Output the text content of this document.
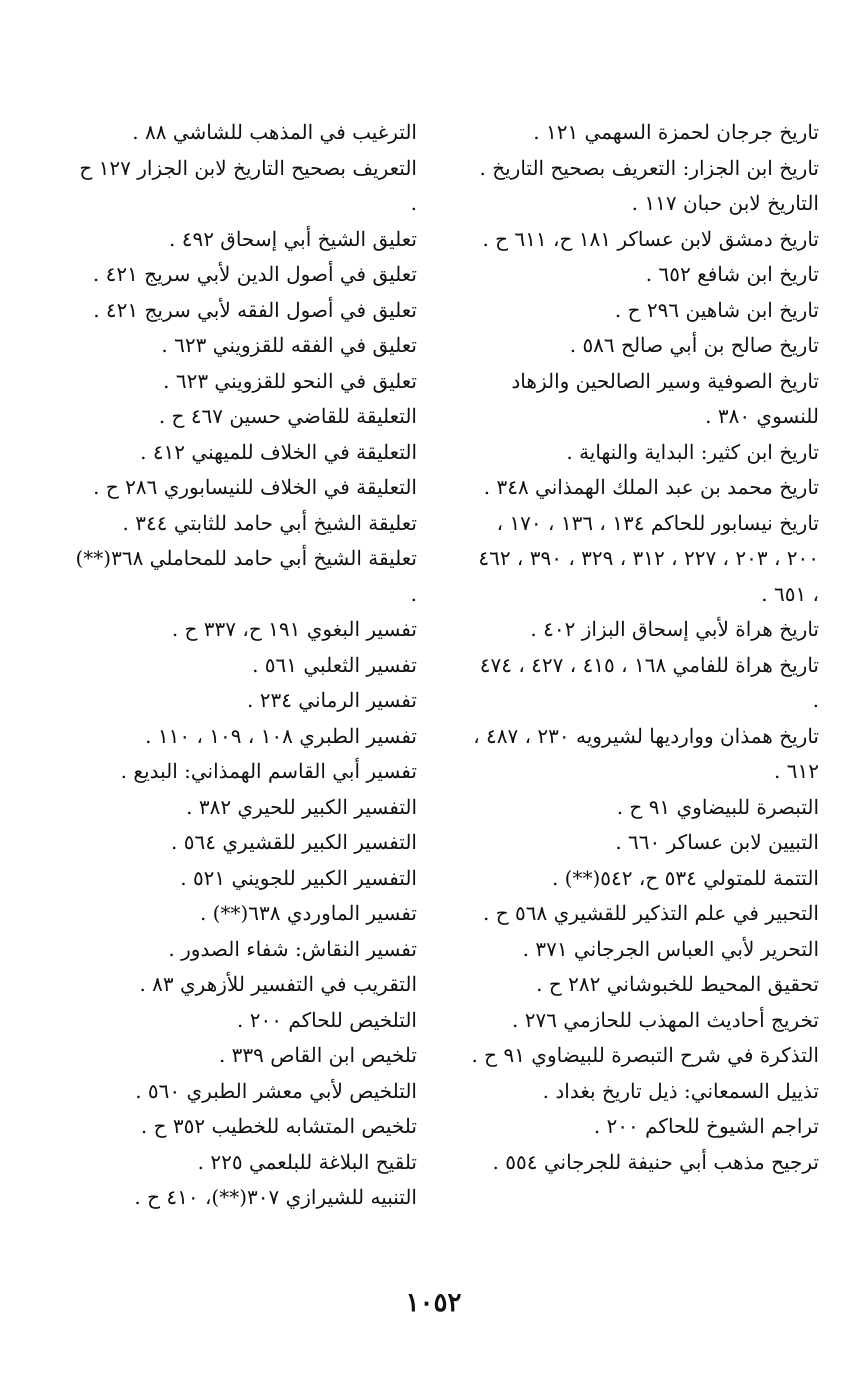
تاريخ جرجان لحمزة السهمي ١٢١ .
تاريخ ابن الجزار: التعريف بصحيح التاريخ .
التاريخ لابن حبان ١١٧ .
تاريخ دمشق لابن عساكر ١٨١ ح، ٦١١ ح .
تاريخ ابن شافع ٦٥٢ .
تاريخ ابن شاهين ٢٩٦ ح .
تاريخ صالح بن أبي صالح ٥٨٦ .
تاريخ الصوفية وسير الصالحين والزهاد للنسوي ٣٨٠ .
تاريخ ابن كثير: البداية والنهاية .
تاريخ محمد بن عبد الملك الهمذاني ٣٤٨ .
تاريخ نيسابور للحاكم ١٣٤ ، ١٣٦ ، ١٧٠ ، ٢٠٠ ، ٢٠٣ ، ٢٢٧ ، ٣١٢ ، ٣٢٩ ، ٣٩٠ ، ٤٦٢ ، ٦٥١ .
تاريخ هراة لأبي إسحاق البزاز ٤٠٢ .
تاريخ هراة للفامي ١٦٨ ، ٤١٥ ، ٤٢٧ ، ٤٧٤ .
تاريخ همذان ووارديها لشيرويه ٢٣٠ ، ٤٨٧ ، ٦١٢ .
التبصرة للبيضاوي ٩١ ح .
التبيين لابن عساكر ٦٦٠ .
التتمة للمتولي ٥٣٤ ح، ٥٤٢(**) .
التحبير في علم التذكير للقشيري ٥٦٨ ح .
التحرير لأبي العباس الجرجاني ٣٧١ .
تحقيق المحيط للخبوشاني ٢٨٢ ح .
تخريج أحاديث المهذب للحازمي ٢٧٦ .
التذكرة في شرح التبصرة للبيضاوي ٩١ ح .
تذييل السمعاني: ذيل تاريخ بغداد .
تراجم الشيوخ للحاكم ٢٠٠ .
ترجيح مذهب أبي حنيفة للجرجاني ٥٥٤ .
الترغيب في المذهب للشاشي ٨٨ .
التعريف بصحيح التاريخ لابن الجزار ١٢٧ ح .
تعليق الشيخ أبي إسحاق ٤٩٢ .
تعليق في أصول الدين لأبي سريج ٤٢١ .
تعليق في أصول الفقه لأبي سريج ٤٢١ .
تعليق في الفقه للقزويني ٦٢٣ .
تعليق في النحو للقزويني ٦٢٣ .
التعليقة للقاضي حسين ٤٦٧ ح .
التعليقة في الخلاف للميهني ٤١٢ .
التعليقة في الخلاف للنيسابوري ٢٨٦ ح .
تعليقة الشيخ أبي حامد للثابتي ٣٤٤ .
تعليقة الشيخ أبي حامد للمحاملي ٣٦٨(**) .
تفسير البغوي ١٩١ ح، ٣٣٧ ح .
تفسير الثعلبي ٥٦١ .
تفسير الرماني ٢٣٤ .
تفسير الطبري ١٠٨ ، ١٠٩ ، ١١٠ .
تفسير أبي القاسم الهمذاني: البديع .
التفسير الكبير للحيري ٣٨٢ .
التفسير الكبير للقشيري ٥٦٤ .
التفسير الكبير للجويني ٥٢١ .
تفسير الماوردي ٦٣٨(**) .
تفسير النقاش: شفاء الصدور .
التقريب في التفسير للأزهري ٨٣ .
التلخيص للحاكم ٢٠٠ .
تلخيص ابن القاص ٣٣٩ .
التلخيص لأبي معشر الطبري ٥٦٠ .
تلخيص المتشابه للخطيب ٣٥٢ ح .
تلقيح البلاغة للبلعمي ٢٢٥ .
التنبيه للشيرازي ٣٠٧(**)، ٤١٠ ح .
١٠٥٢
